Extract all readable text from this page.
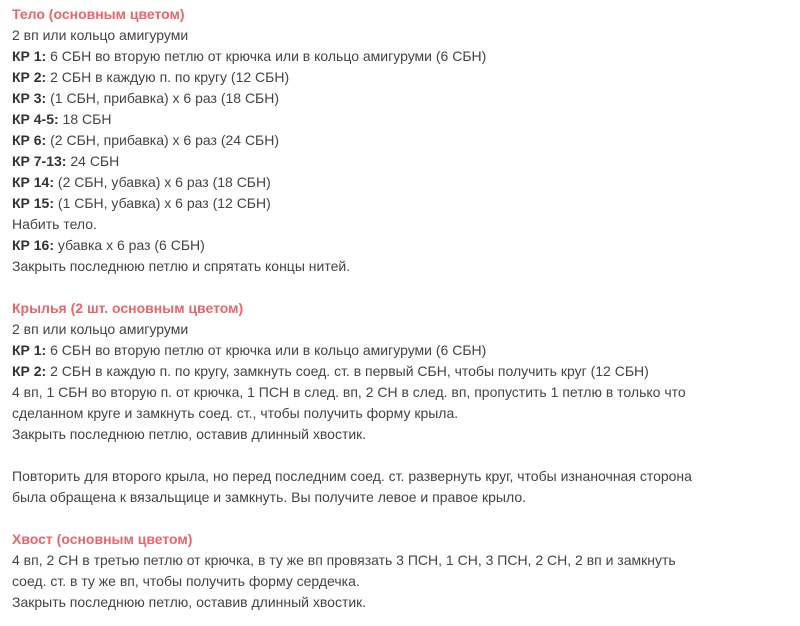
Тело (основным цветом)
2 вп или кольцо амигуруми
КР 1: 6 СБН во вторую петлю от крючка или в кольцо амигуруми (6 СБН)
КР 2: 2 СБН в каждую п. по кругу (12 СБН)
КР 3: (1 СБН, прибавка) х 6 раз (18 СБН)
КР 4-5: 18 СБН
КР 6: (2 СБН, прибавка) х 6 раз (24 СБН)
КР 7-13: 24 СБН
КР 14: (2 СБН, убавка) х 6 раз (18 СБН)
КР 15: (1 СБН, убавка) х 6 раз (12 СБН)
Набить тело.
КР 16: убавка х 6 раз (6 СБН)
Закрыть последнюю петлю и спрятать концы нитей.
Крылья (2 шт. основным цветом)
2 вп или кольцо амигуруми
КР 1: 6 СБН во вторую петлю от крючка или в кольцо амигуруми (6 СБН)
КР 2: 2 СБН в каждую п. по кругу, замкнуть соед. ст. в первый СБН, чтобы получить круг (12 СБН)
4 вп, 1 СБН во вторую п. от крючка, 1 ПСН в след. вп, 2 СН в след. вп, пропустить 1 петлю в только что
сделанном круге и замкнуть соед. ст., чтобы получить форму крыла.
Закрыть последнюю петлю, оставив длинный хвостик.
Повторить для второго крыла, но перед последним соед. ст. развернуть круг, чтобы изнаночная сторона
была обращена к вязальщице и замкнуть. Вы получите левое и правое крыло.
Хвост (основным цветом)
4 вп, 2 СН в третью петлю от крючка, в ту же вп провязать 3 ПСН, 1 СН, 3 ПСН, 2 СН, 2 вп и замкнуть
соед. ст. в ту же вп, чтобы получить форму сердечка.
Закрыть последнюю петлю, оставив длинный хвостик.
